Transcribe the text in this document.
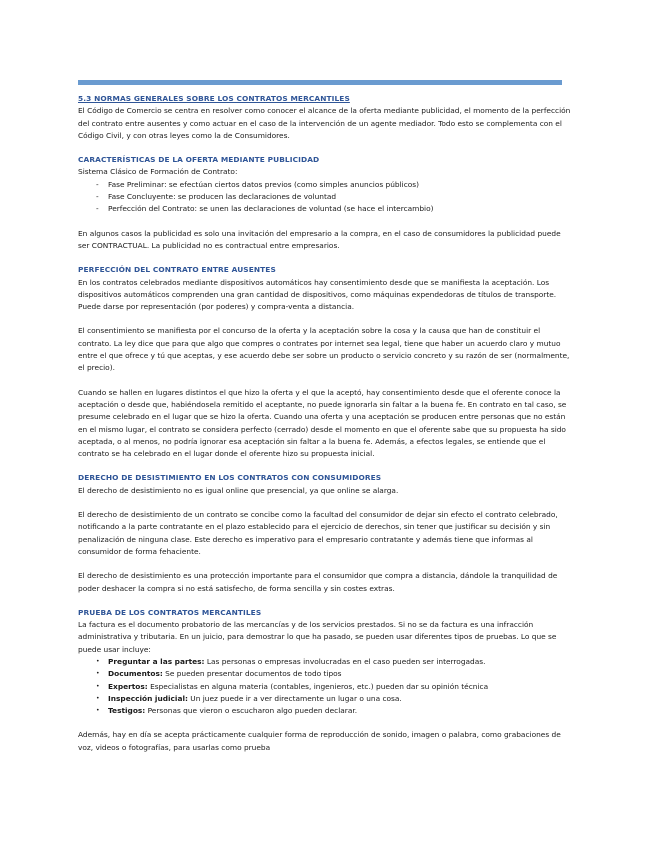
5.3 NORMAS GENERALES SOBRE LOS CONTRATOS MERCANTILES

El Código de Comercio se centra en resolver como conocer el alcance de la oferta mediante publicidad, el momento de la perfección del contrato entre ausentes y como actuar en el caso de la intervención de un agente mediador. Todo esto se complementa con el Código Civil, y con otras leyes como la de Consumidores.

CARACTERÍSTICAS DE LA OFERTA MEDIANTE PUBLICIDAD

Sistema Clásico de Formación de Contrato:

- Fase Preliminar: se efectúan ciertos datos previos (como simples anuncios públicos)
- Fase Concluyente: se producen las declaraciones de voluntad
- Perfección del Contrato: se unen las declaraciones de voluntad (se hace el intercambio)

En algunos casos la publicidad es solo una invitación del empresario a la compra, en el caso de consumidores la publicidad puede ser CONTRACTUAL. La publicidad no es contractual entre empresarios.

PERFECCIÓN DEL CONTRATO ENTRE AUSENTES

En los contratos celebrados mediante dispositivos automáticos hay consentimiento desde que se manifiesta la aceptación. Los dispositivos automáticos comprenden una gran cantidad de dispositivos, como máquinas expendedoras de títulos de transporte. Puede darse por representación (por poderes) y compra-venta a distancia.

El consentimiento se manifiesta por el concurso de la oferta y la aceptación sobre la cosa y la causa que han de constituir el contrato. La ley dice que para que algo que compres o contrates por internet sea legal, tiene que haber un acuerdo claro y mutuo entre el que ofrece y tú que aceptas, y ese acuerdo debe ser sobre un producto o servicio concreto y su razón de ser (normalmente, el precio).

Cuando se hallen en lugares distintos el que hizo la oferta y el que la aceptó, hay consentimiento desde que el oferente conoce la aceptación o desde que, habiéndosela remitido el aceptante, no puede ignorarla sin faltar a la buena fe. En contrato en tal caso, se presume celebrado en el lugar que se hizo la oferta. Cuando una oferta y una aceptación se producen entre personas que no están en el mismo lugar, el contrato se considera perfecto (cerrado) desde el momento en que el oferente sabe que su propuesta ha sido aceptada, o al menos, no podría ignorar esa aceptación sin faltar a la buena fe. Además, a efectos legales, se entiende que el contrato se ha celebrado en el lugar donde el oferente hizo su propuesta inicial.

DERECHO DE DESISTIMIENTO EN LOS CONTRATOS CON CONSUMIDORES

El derecho de desistimiento no es igual online que presencial, ya que online se alarga.

El derecho de desistimiento de un contrato se concibe como la facultad del consumidor de dejar sin efecto el contrato celebrado, notificando a la parte contratante en el plazo establecido para el ejercicio de derechos, sin tener que justificar su decisión y sin penalización de ninguna clase. Este derecho es imperativo para el empresario contratante y además tiene que informas al consumidor de forma fehaciente.

El derecho de desistimiento es una protección importante para el consumidor que compra a distancia, dándole la tranquilidad de poder deshacer la compra si no está satisfecho, de forma sencilla y sin costes extras.

PRUEBA DE LOS CONTRATOS MERCANTILES

La factura es el documento probatorio de las mercancías y de los servicios prestados. Si no se da factura es una infracción administrativa y tributaria. En un juicio, para demostrar lo que ha pasado, se pueden usar diferentes tipos de pruebas. Lo que se puede usar incluye:

• Preguntar a las partes: Las personas o empresas involucradas en el caso pueden ser interrogadas.
• Documentos: Se pueden presentar documentos de todo tipos
• Expertos: Especialistas en alguna materia (contables, ingenieros, etc.) pueden dar su opinión técnica
• Inspección judicial: Un juez puede ir a ver directamente un lugar o una cosa.
• Testigos: Personas que vieron o escucharon algo pueden declarar.

Además, hay en día se acepta prácticamente cualquier forma de reproducción de sonido, imagen o palabra, como grabaciones de voz, videos o fotografías, para usarlas como prueba
